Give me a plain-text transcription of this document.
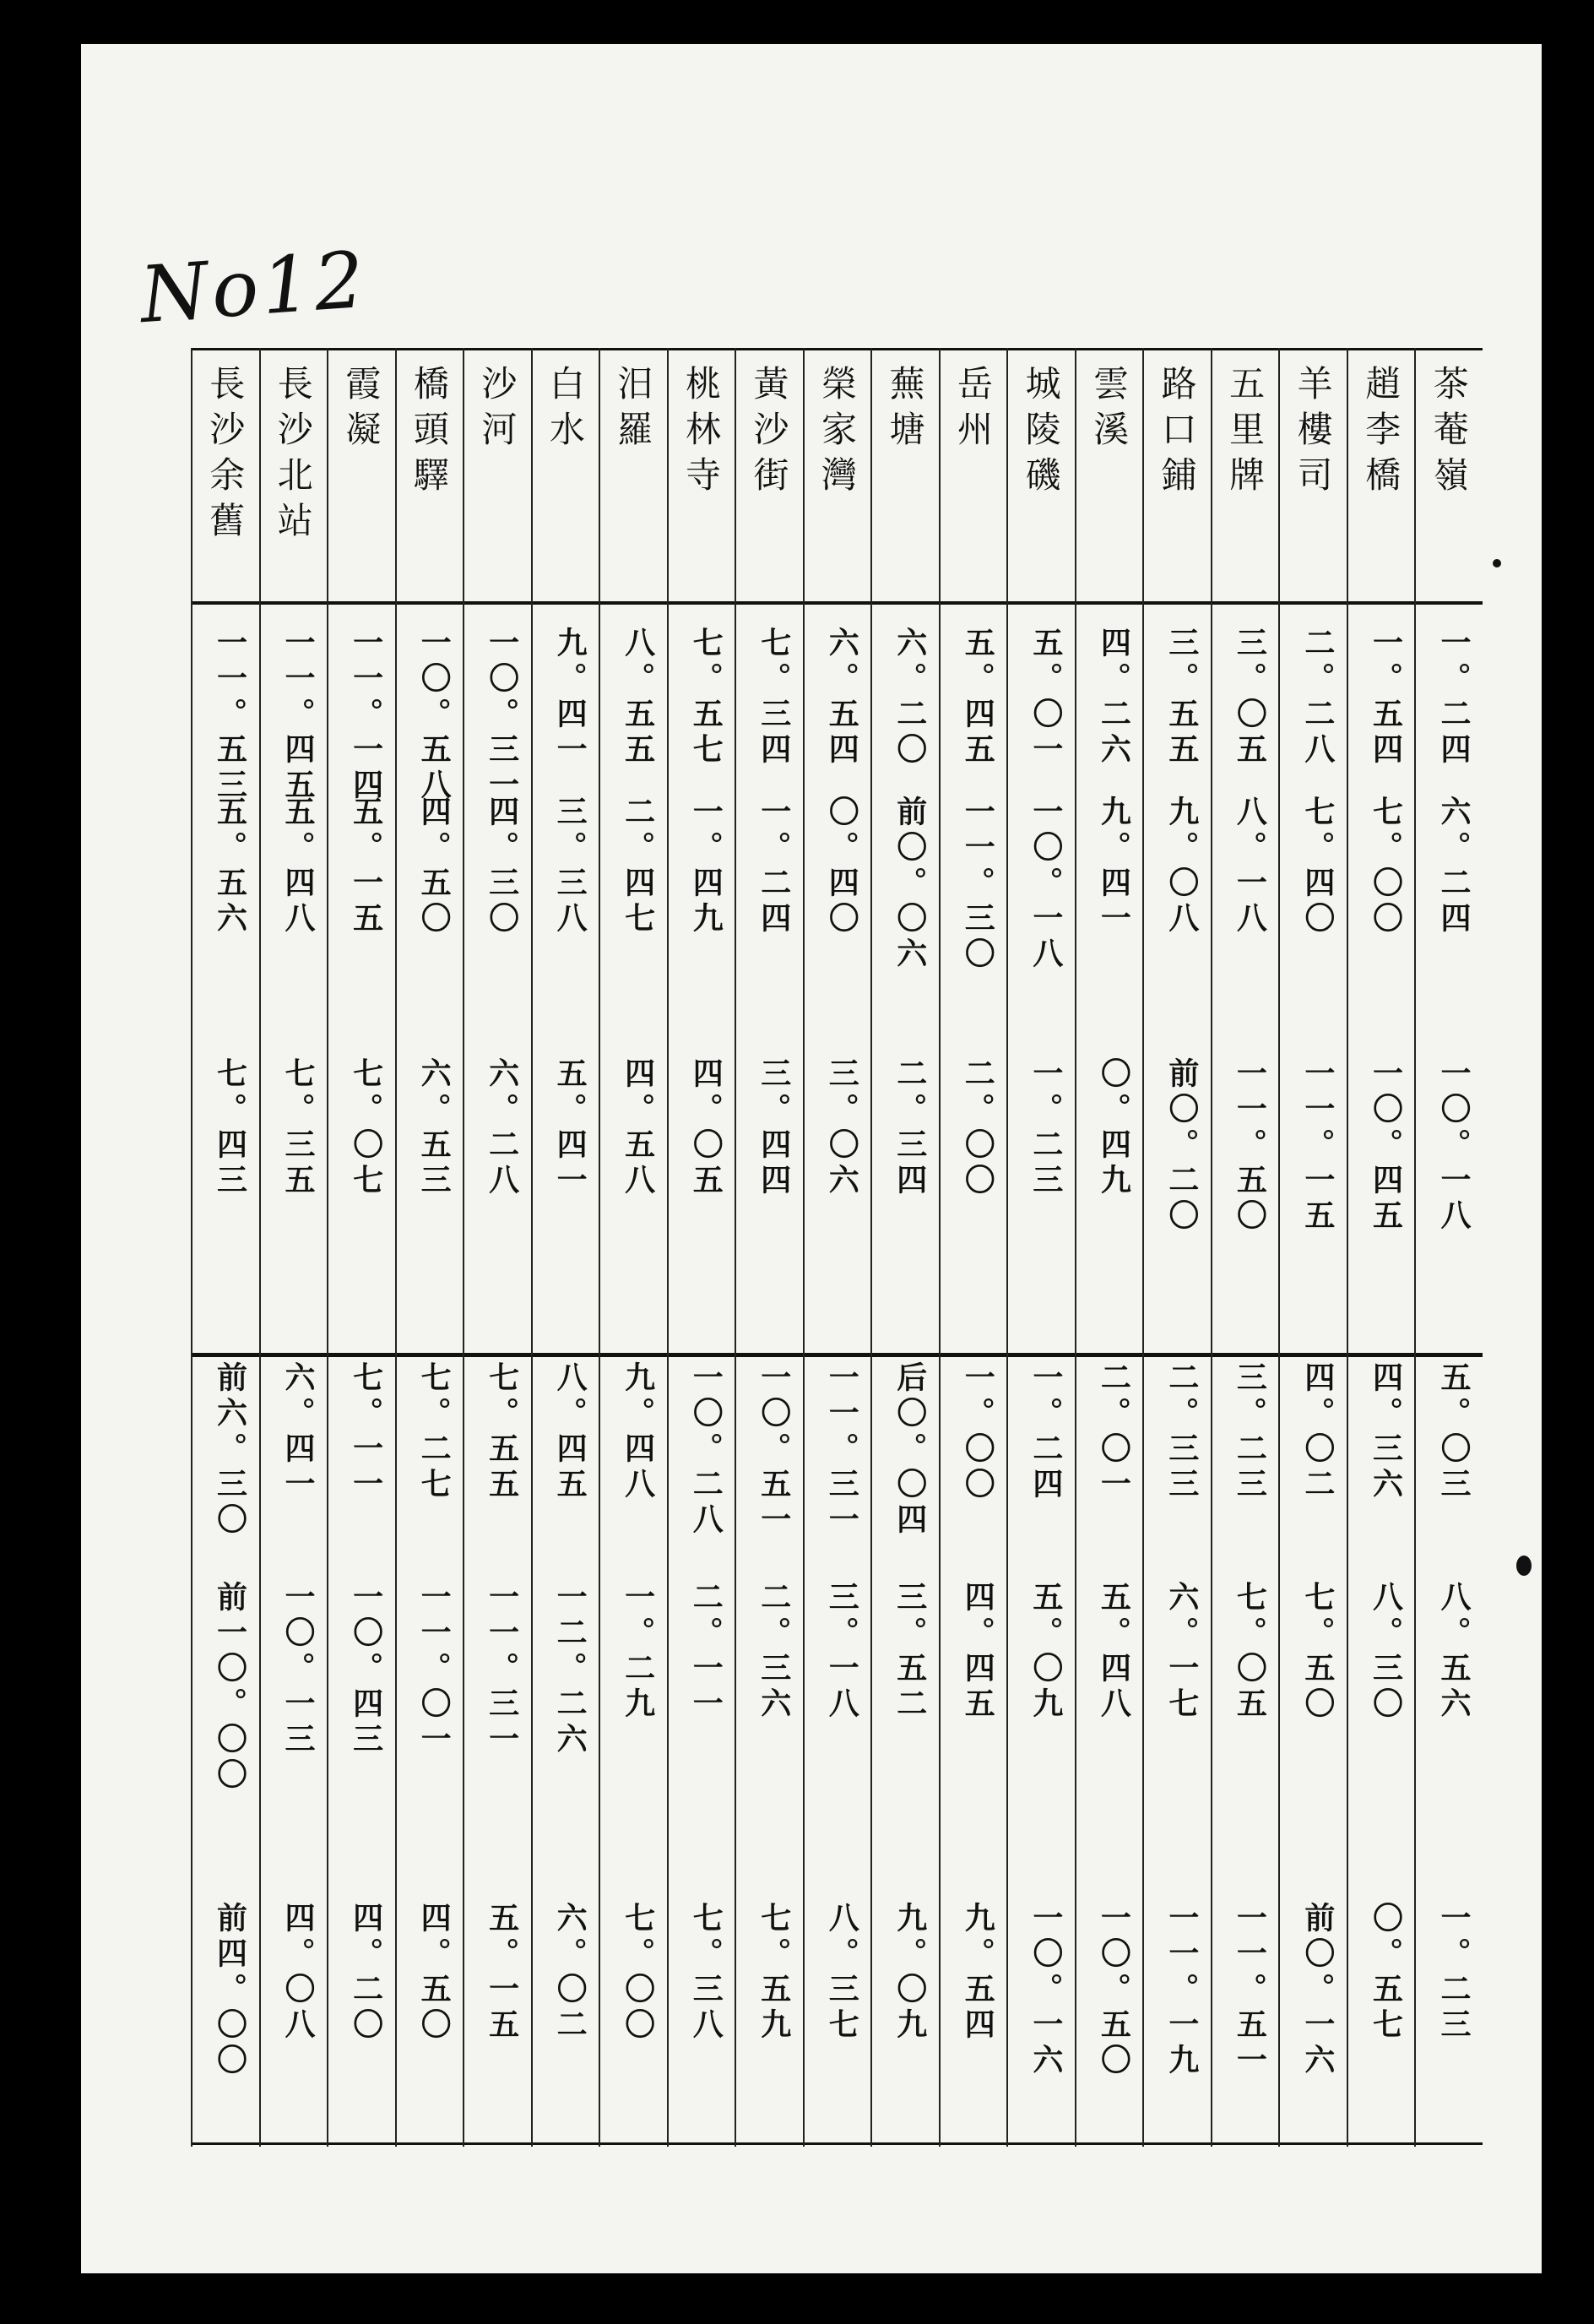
No12
長沙余舊
一一。五三
五。五六
七。四三
前六。三〇
前一〇。〇〇
前四。〇〇
長沙北站
一一。四五
五。四八
七。三五
六。四一
一〇。一三
四。〇八
霞凝
一一。一四
五。一五
七。〇七
七。一一
一〇。四三
四。二〇
橋頭驛
一〇。五八
四。五〇
六。五三
七。二七
一一。〇一
四。五〇
沙河
一〇。三一
四。三〇
六。二八
七。五五
一一。三一
五。一五
白水
九。四一
三。三八
五。四一
八。四五
一二。二六
六。〇二
汨羅
八。五五
二。四七
四。五八
九。四八
一。二九
七。〇〇
桃林寺
七。五七
一。四九
四。〇五
一〇。二八
二。一一
七。三八
黃沙街
七。三四
一。二四
三。四四
一〇。五一
二。三六
七。五九
榮家灣
六。五四
〇。四〇
三。〇六
一一。三一
三。一八
八。三七
蕪塘
六。二〇
前〇。〇六
二。三四
后〇。〇四
三。五二
九。〇九
岳州
五。四五
一一。三〇
二。〇〇
一。〇〇
四。四五
九。五四
城陵磯
五。〇一
一〇。一八
一。二三
一。二四
五。〇九
一〇。一六
雲溪
四。二六
九。四一
〇。四九
二。〇一
五。四八
一〇。五〇
路口鋪
三。五五
九。〇八
前〇。二〇
二。三三
六。一七
一一。一九
五里牌
三。〇五
八。一八
一一。五〇
三。二三
七。〇五
一一。五一
羊樓司
二。二八
七。四〇
一一。一五
四。〇二
七。五〇
前〇。一六
趙李橋
一。五四
七。〇〇
一〇。四五
四。三六
八。三〇
〇。五七
茶菴嶺
一。二四
六。二四
一〇。一八
五。〇三
八。五六
一。二三
